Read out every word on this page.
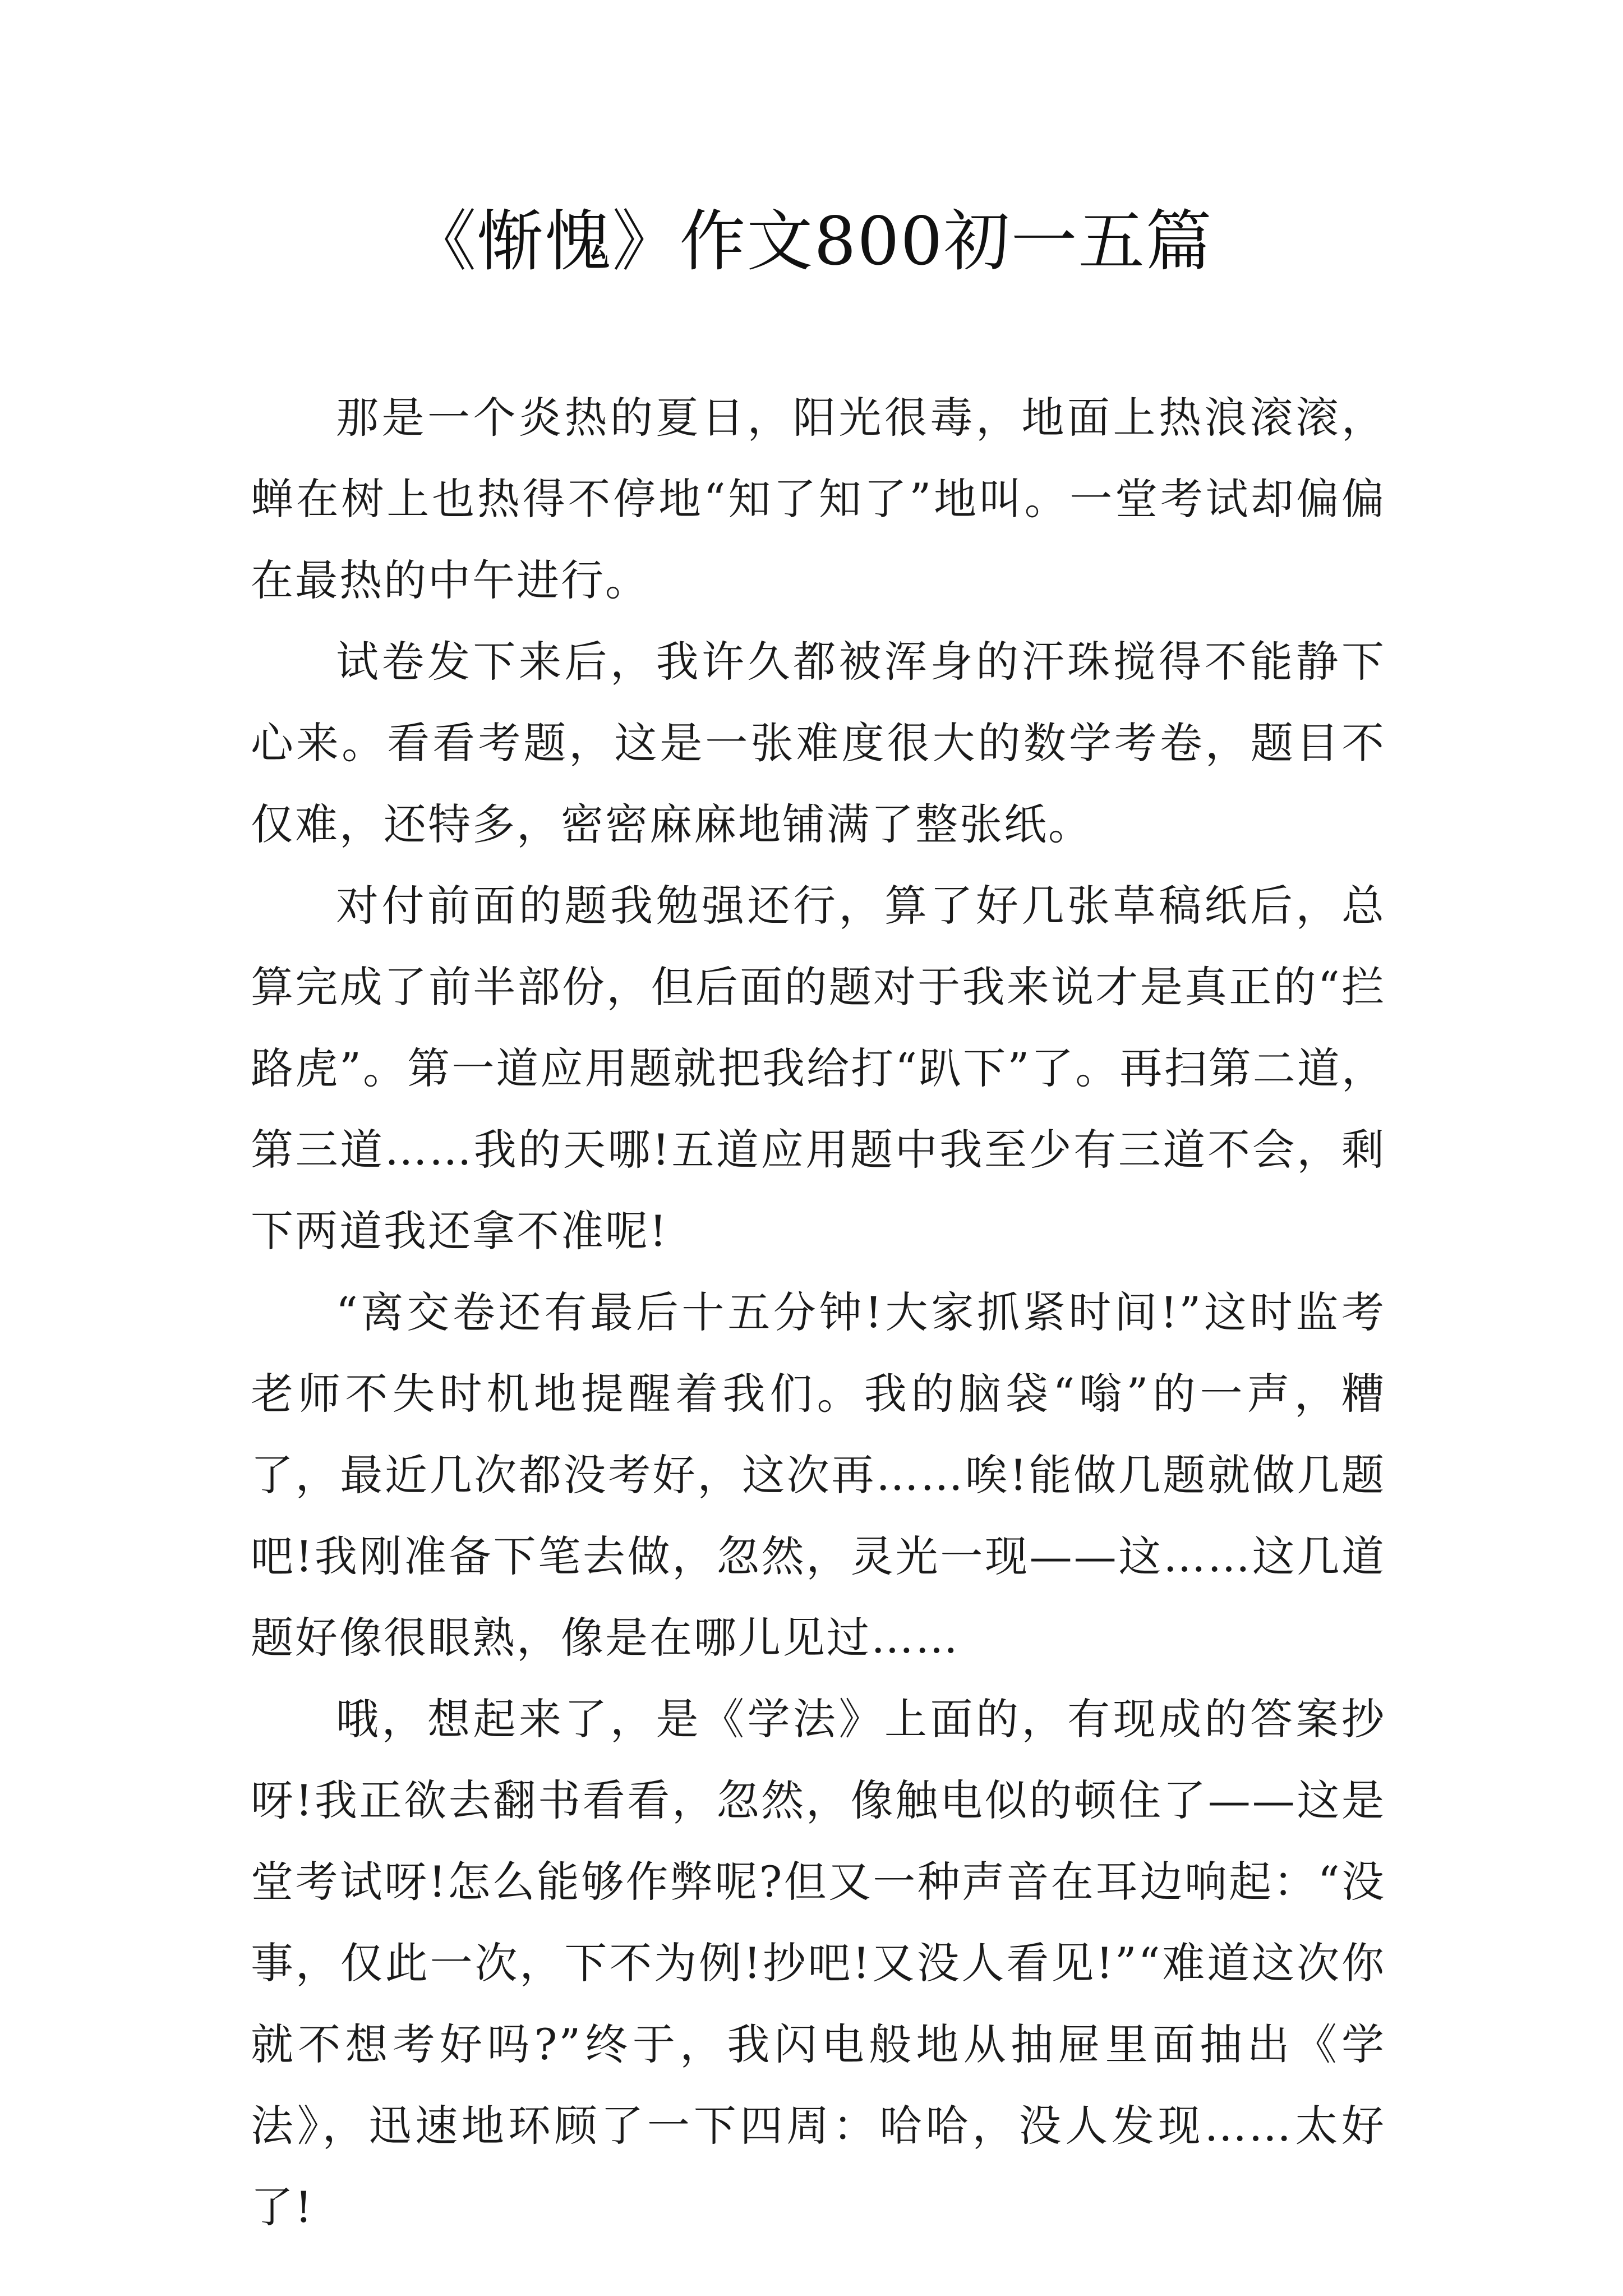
《惭愧》作文800初一五篇

那是一个炎热的夏日，阳光很毒，地面上热浪滚滚，蝉在树上也热得不停地“知了知了”地叫。一堂考试却偏偏在最热的中午进行。

试卷发下来后，我许久都被浑身的汗珠搅得不能静下心来。看看考题，这是一张难度很大的数学考卷，题目不仅难，还特多，密密麻麻地铺满了整张纸。

对付前面的题我勉强还行，算了好几张草稿纸后，总算完成了前半部份，但后面的题对于我来说才是真正的“拦路虎”。第一道应用题就把我给打“趴下”了。再扫第二道，第三道……我的天哪!五道应用题中我至少有三道不会，剩下两道我还拿不准呢!

“离交卷还有最后十五分钟!大家抓紧时间!”这时监考老师不失时机地提醒着我们。我的脑袋“嗡”的一声，糟了，最近几次都没考好，这次再……唉!能做几题就做几题吧!我刚准备下笔去做，忽然，灵光一现——这……这几道题好像很眼熟，像是在哪儿见过……

哦，想起来了，是《学法》上面的，有现成的答案抄呀!我正欲去翻书看看，忽然，像触电似的顿住了——这是堂考试呀!怎么能够作弊呢?但又一种声音在耳边响起：“没事，仅此一次，下不为例!抄吧!又没人看见!”“难道这次你就不想考好吗?”终于，我闪电般地从抽屉里面抽出《学法》，迅速地环顾了一下四周：哈哈，没人发现……太好了!
